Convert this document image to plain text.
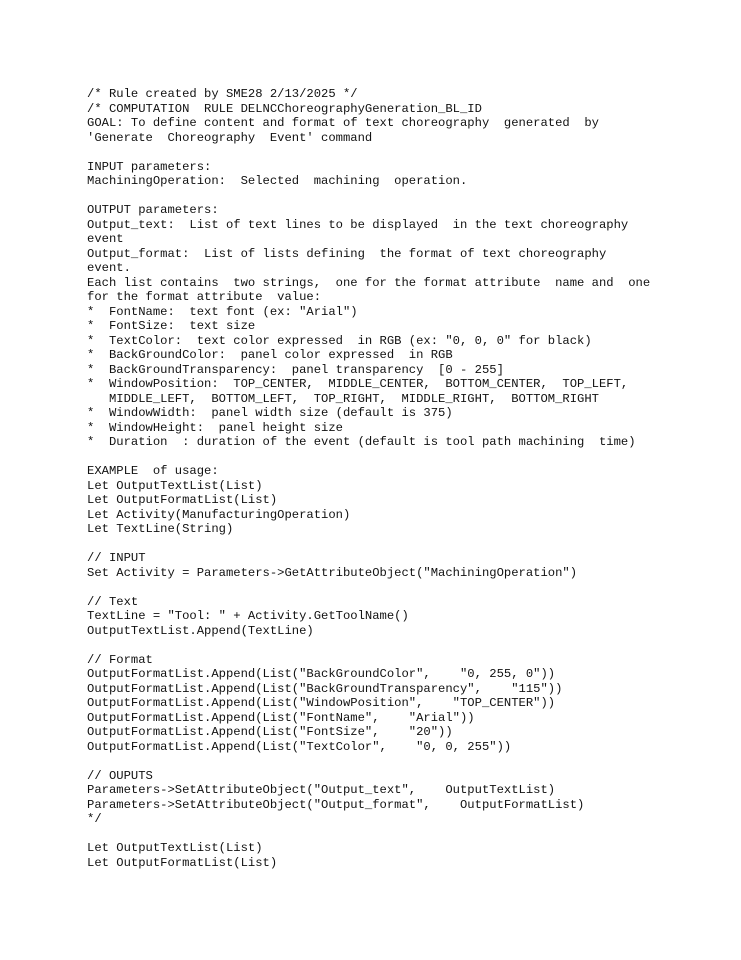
/* Rule created by SME28 2/13/2025 */
/* COMPUTATION  RULE DELNCChoreographyGeneration_BL_ID
GOAL: To define content and format of text choreography  generated  by
'Generate  Choreography  Event' command
INPUT parameters:
MachiningOperation:  Selected  machining  operation.
OUTPUT parameters:
Output_text:  List of text lines to be displayed  in the text choreography
event
Output_format:  List of lists defining  the format of text choreography
event.
Each list contains  two strings,  one for the format attribute  name and  one
for the format attribute  value:
*  FontName:  text font (ex: "Arial")
*  FontSize:  text size
*  TextColor:  text color expressed  in RGB (ex: "0, 0, 0" for black)
*  BackGroundColor:  panel color expressed  in RGB
*  BackGroundTransparency:  panel transparency  [0 - 255]
*  WindowPosition:  TOP_CENTER,  MIDDLE_CENTER,  BOTTOM_CENTER,  TOP_LEFT,
MIDDLE_LEFT,  BOTTOM_LEFT,  TOP_RIGHT,  MIDDLE_RIGHT,  BOTTOM_RIGHT
*  WindowWidth:  panel width size (default is 375)
*  WindowHeight:  panel height size
*  Duration  : duration of the event (default is tool path machining  time)
EXAMPLE  of usage:
Let OutputTextList(List)
Let OutputFormatList(List)
Let Activity(ManufacturingOperation)
Let TextLine(String)
// INPUT
Set Activity = Parameters->GetAttributeObject("MachiningOperation")
// Text
TextLine = "Tool: " + Activity.GetToolName()
OutputTextList.Append(TextLine)
// Format
OutputFormatList.Append(List("BackGroundColor",    "0, 255, 0"))
OutputFormatList.Append(List("BackGroundTransparency",    "115"))
OutputFormatList.Append(List("WindowPosition",    "TOP_CENTER"))
OutputFormatList.Append(List("FontName",    "Arial"))
OutputFormatList.Append(List("FontSize",    "20"))
OutputFormatList.Append(List("TextColor",    "0, 0, 255"))
// OUPUTS
Parameters->SetAttributeObject("Output_text",    OutputTextList)
Parameters->SetAttributeObject("Output_format",    OutputFormatList)
*/
Let OutputTextList(List)
Let OutputFormatList(List)
